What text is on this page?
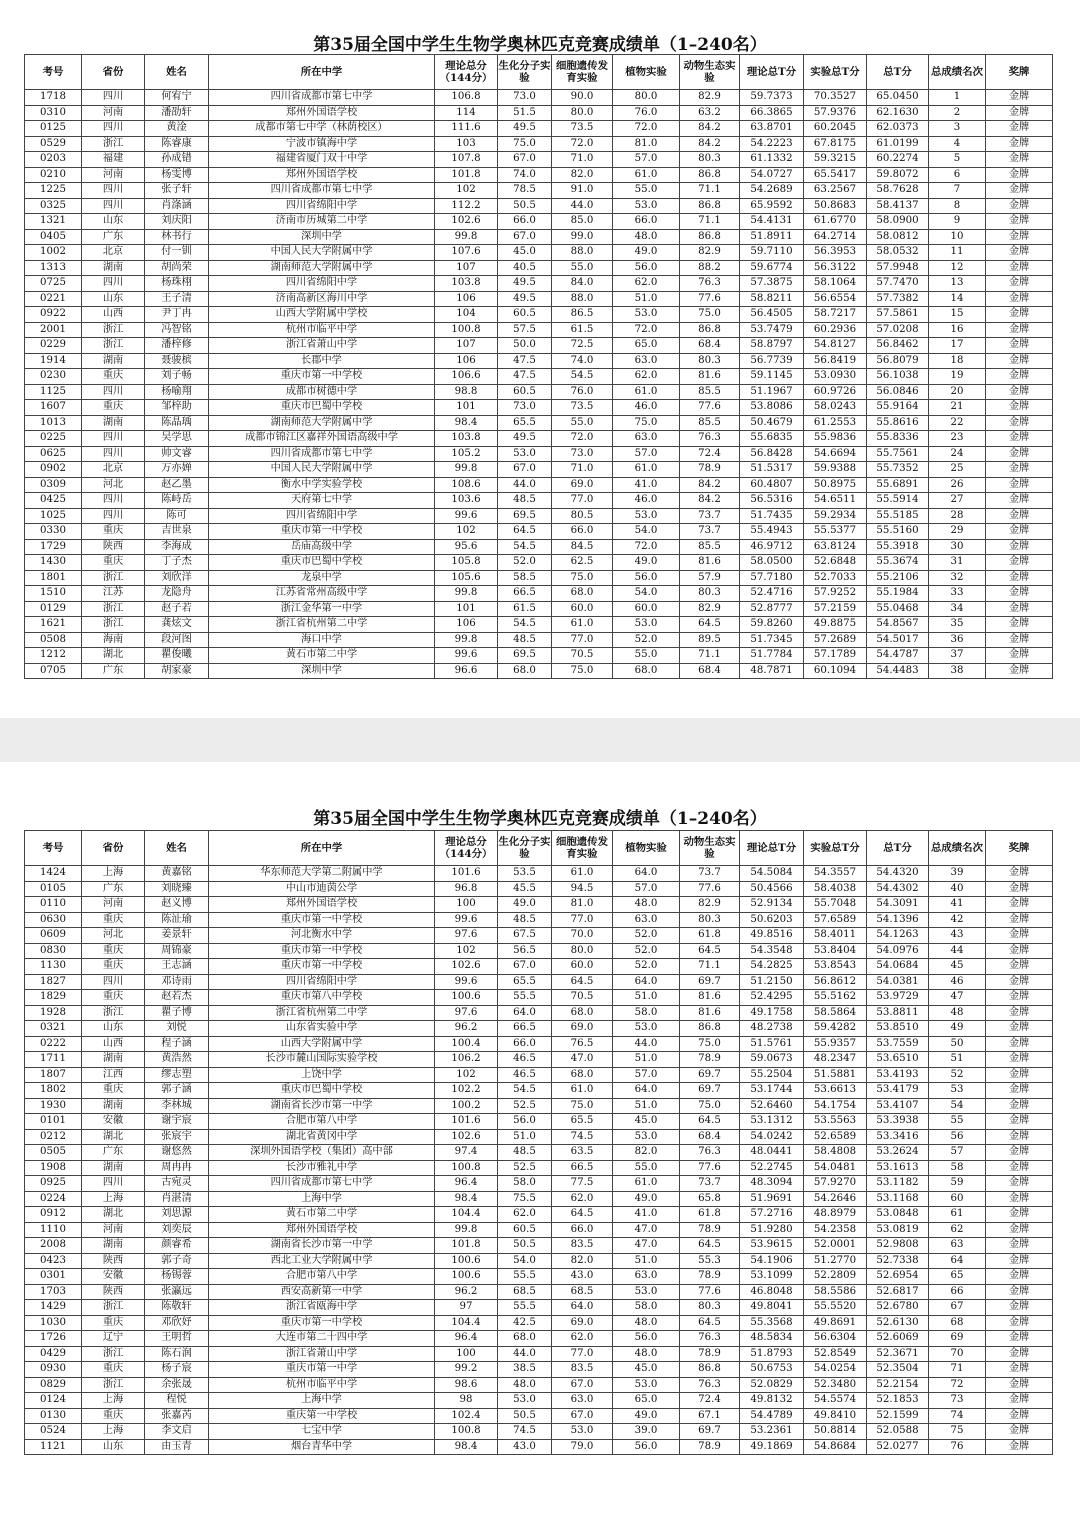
第35届全国中学生生物学奥林匹克竞赛成绩单（1–240名）
考号	省份	姓名	所在中学	理论总分（144分）	生化分子实验	细胞遗传发育实验	植物实验	动物生态实验	理论总T分	实验总T分	总T分	总成绩名次	奖牌
1718	四川	何宥宁	四川省成都市第七中学	106.8	73.0	90.0	80.0	82.9	59.7373	70.3527	65.0450	1	金牌
0310	河南	潘劭轩	郑州外国语学校	114	51.5	80.0	76.0	63.2	66.3865	57.9376	62.1630	2	金牌
0125	四川	黄淦	成都市第七中学（林荫校区）	111.6	49.5	73.5	72.0	84.2	63.8701	60.2045	62.0373	3	金牌
0529	浙江	陈睿康	宁波市镇海中学	103	75.0	72.0	81.0	84.2	54.2223	67.8175	61.0199	4	金牌
0203	福建	孙成错	福建省厦门双十中学	107.8	67.0	71.0	57.0	80.3	61.1332	59.3215	60.2274	5	金牌
0210	河南	杨雯博	郑州外国语学校	101.8	74.0	82.0	61.0	86.8	54.0727	65.5417	59.8072	6	金牌
1225	四川	张子轩	四川省成都市第七中学	102	78.5	91.0	55.0	71.1	54.2689	63.2567	58.7628	7	金牌
0325	四川	肖涤涵	四川省绵阳中学	112.2	50.5	44.0	53.0	86.8	65.9592	50.8683	58.4137	8	金牌
1321	山东	刘庆阳	济南市历城第二中学	102.6	66.0	85.0	66.0	71.1	54.4131	61.6770	58.0900	9	金牌
0405	广东	林书行	深圳中学	99.8	67.0	99.0	48.0	86.8	51.8911	64.2714	58.0812	10	金牌
1002	北京	付一钏	中国人民大学附属中学	107.6	45.0	88.0	49.0	82.9	59.7110	56.3953	58.0532	11	金牌
1313	湖南	胡尚荣	湖南师范大学附属中学	107	40.5	55.0	56.0	88.2	59.6774	56.3122	57.9948	12	金牌
0725	四川	杨珠栩	四川省绵阳中学	103.8	49.5	84.0	62.0	76.3	57.3875	58.1064	57.7470	13	金牌
0221	山东	王子清	济南高新区海川中学	106	49.5	88.0	51.0	77.6	58.8211	56.6554	57.7382	14	金牌
0922	山西	尹丁冉	山西大学附属中学校	104	60.5	86.5	53.0	75.0	56.4505	58.7217	57.5861	15	金牌
2001	浙江	冯智铭	杭州市临平中学	100.8	57.5	61.5	72.0	86.8	53.7479	60.2936	57.0208	16	金牌
0229	浙江	潘梓修	浙江省萧山中学	107	50.0	72.5	65.0	68.4	58.8797	54.8127	56.8462	17	金牌
1914	湖南	聂骏槟	长郡中学	106	47.5	74.0	63.0	80.3	56.7739	56.8419	56.8079	18	金牌
0230	重庆	刘子畅	重庆市第一中学校	106.6	47.5	54.5	62.0	81.6	59.1145	53.0930	56.1038	19	金牌
1125	四川	杨喻翔	成都市树德中学	98.8	60.5	76.0	61.0	85.5	51.1967	60.9726	56.0846	20	金牌
1607	重庆	邹梓助	重庆市巴蜀中学校	101	73.0	73.5	46.0	77.6	53.8086	58.0243	55.9164	21	金牌
1013	湖南	陈晶瑀	湖南师范大学附属中学	98.4	65.5	55.0	75.0	85.5	50.4679	61.2553	55.8616	22	金牌
0225	四川	吴学思	成都市锦江区嘉祥外国语高级中学	103.8	49.5	72.0	63.0	76.3	55.6835	55.9836	55.8336	23	金牌
0625	四川	帅文睿	四川省成都市第七中学	105.2	53.0	73.0	57.0	72.4	56.8428	54.6694	55.7561	24	金牌
0902	北京	万亦婵	中国人民大学附属中学	99.8	67.0	71.0	61.0	78.9	51.5317	59.9388	55.7352	25	金牌
0309	河北	赵乙墨	衡水中学实验学校	108.6	44.0	69.0	41.0	84.2	60.4807	50.8975	55.6891	26	金牌
0425	四川	陈峙岳	天府第七中学	103.6	48.5	77.0	46.0	84.2	56.5316	54.6511	55.5914	27	金牌
1025	四川	陈可	四川省绵阳中学	99.6	69.5	80.5	53.0	73.7	51.7435	59.2934	55.5185	28	金牌
0330	重庆	吉世泉	重庆市第一中学校	102	64.5	66.0	54.0	73.7	55.4943	55.5377	55.5160	29	金牌
1729	陕西	李海成	岳庙高级中学	95.6	54.5	84.5	72.0	85.5	46.9712	63.8124	55.3918	30	金牌
1430	重庆	丁子杰	重庆市巴蜀中学校	105.8	52.0	62.5	49.0	81.6	58.0500	52.6848	55.3674	31	金牌
1801	浙江	刘欣洋	龙泉中学	105.6	58.5	75.0	56.0	57.9	57.7180	52.7033	55.2106	32	金牌
1510	江苏	龙隐舟	江苏省常州高级中学	99.8	66.5	68.0	54.0	80.3	52.4716	57.9252	55.1984	33	金牌
0129	浙江	赵子若	浙江金华第一中学	101	61.5	60.0	60.0	82.9	52.8777	57.2159	55.0468	34	金牌
1621	浙江	龚炫文	浙江省杭州第二中学	106	54.5	61.0	53.0	64.5	59.8260	49.8875	54.8567	35	金牌
0508	海南	段河图	海口中学	99.8	48.5	77.0	52.0	89.5	51.7345	57.2689	54.5017	36	金牌
1212	湖北	瞿俊曦	黄石市第二中学	99.6	69.5	70.5	55.0	71.1	51.7784	57.1789	54.4787	37	金牌
0705	广东	胡家豪	深圳中学	96.6	68.0	75.0	68.0	68.4	48.7871	60.1094	54.4483	38	金牌
第35届全国中学生生物学奥林匹克竞赛成绩单（1–240名）
考号	省份	姓名	所在中学	理论总分（144分）	生化分子实验	细胞遗传发育实验	植物实验	动物生态实验	理论总T分	实验总T分	总T分	总成绩名次	奖牌
1424	上海	黄嘉铭	华东师范大学第二附属中学	101.6	53.5	61.0	64.0	73.7	54.5084	54.3557	54.4320	39	金牌
0105	广东	刘晓臻	中山市迪茵公学	96.8	45.5	94.5	57.0	77.6	50.4566	58.4038	54.4302	40	金牌
0110	河南	赵义博	郑州外国语学校	100	49.0	81.0	48.0	82.9	52.9134	55.7048	54.3091	41	金牌
0630	重庆	陈沚瑜	重庆市第一中学校	99.6	48.5	77.0	63.0	80.3	50.6203	57.6589	54.1396	42	金牌
0609	河北	姜景轩	河北衡水中学	97.6	67.5	70.0	52.0	61.8	49.8516	58.4011	54.1263	43	金牌
0830	重庆	周锦豪	重庆市第一中学校	102	56.5	80.0	52.0	64.5	54.3548	53.8404	54.0976	44	金牌
1130	重庆	王志涵	重庆市第一中学校	102.6	67.0	60.0	52.0	71.1	54.2825	53.8543	54.0684	45	金牌
1827	四川	邓诗雨	四川省绵阳中学	99.6	65.5	64.5	64.0	69.7	51.2150	56.8612	54.0381	46	金牌
1829	重庆	赵若杰	重庆市第八中学校	100.6	55.5	70.5	51.0	81.6	52.4295	55.5162	53.9729	47	金牌
1928	浙江	瞿子博	浙江省杭州第二中学	97.6	64.0	68.0	58.0	81.6	49.1758	58.5864	53.8811	48	金牌
0321	山东	刘悦	山东省实验中学	96.2	66.5	69.0	53.0	86.8	48.2738	59.4282	53.8510	49	金牌
0222	山西	程子涵	山西大学附属中学	100.4	66.0	76.5	44.0	75.0	51.5761	55.9357	53.7559	50	金牌
1711	湖南	黄浩然	长沙市麓山国际实验学校	106.2	46.5	47.0	51.0	78.9	59.0673	48.2347	53.6510	51	金牌
1807	江西	缪志塑	上饶中学	102	46.5	68.0	57.0	69.7	55.2504	51.5881	53.4193	52	金牌
1802	重庆	郭子涵	重庆市巴蜀中学校	102.2	54.5	61.0	64.0	69.7	53.1744	53.6613	53.4179	53	金牌
1930	湖南	李林城	湖南省长沙市第一中学	100.2	52.5	75.0	51.0	75.0	52.6460	54.1754	53.4107	54	金牌
0101	安徽	谢宇宸	合肥市第八中学	101.6	56.0	65.5	45.0	64.5	53.1312	53.5563	53.3938	55	金牌
0212	湖北	张宸宇	湖北省黄冈中学	102.6	51.0	74.5	53.0	68.4	54.0242	52.6589	53.3416	56	金牌
0505	广东	谢悠然	深圳外国语学校（集团）高中部	97.4	48.5	63.5	82.0	76.3	48.0441	58.4808	53.2624	57	金牌
1908	湖南	周冉冉	长沙市雅礼中学	100.8	52.5	66.5	55.0	77.6	52.2745	54.0481	53.1613	58	金牌
0925	四川	古宛灵	四川省成都市第七中学	96.4	58.0	77.5	61.0	73.7	48.3094	57.9270	53.1182	59	金牌
0224	上海	肖湛清	上海中学	98.4	75.5	62.0	49.0	65.8	51.9691	54.2646	53.1168	60	金牌
0912	湖北	刘思源	黄石市第二中学	104.4	62.0	64.5	41.0	61.8	57.2716	48.8979	53.0848	61	金牌
1110	河南	刘奕辰	郑州外国语学校	99.8	60.5	66.0	47.0	78.9	51.9280	54.2358	53.0819	62	金牌
2008	湖南	颜睿希	湖南省长沙市第一中学	101.8	50.5	83.5	47.0	64.5	53.9615	52.0001	52.9808	63	金牌
0423	陕西	郭子奇	西北工业大学附属中学	100.6	54.0	82.0	51.0	55.3	54.1906	51.2770	52.7338	64	金牌
0301	安徽	杨锡蓉	合肥市第八中学	100.6	55.5	43.0	63.0	78.9	53.1099	52.2809	52.6954	65	金牌
1703	陕西	张瀛远	西安高新第一中学	96.2	68.5	68.5	53.0	77.6	46.8048	58.5586	52.6817	66	金牌
1429	浙江	陈敬轩	浙江省瓯海中学	97	55.5	64.0	58.0	80.3	49.8041	55.5520	52.6780	67	金牌
1030	重庆	邓欣妤	重庆市第一中学校	104.4	42.5	69.0	48.0	64.5	55.3568	49.8691	52.6130	68	金牌
1726	辽宁	王明哲	大连市第二十四中学	96.4	68.0	62.0	56.0	76.3	48.5834	56.6304	52.6069	69	金牌
0429	浙江	陈石润	浙江省萧山中学	100	44.0	77.0	48.0	78.9	51.8793	52.8549	52.3671	70	金牌
0930	重庆	杨子宸	重庆市第一中学	99.2	38.5	83.5	45.0	86.8	50.6753	54.0254	52.3504	71	金牌
0829	浙江	余张晟	杭州市临平中学	98.6	48.0	67.0	53.0	76.3	52.0829	52.3480	52.2154	72	金牌
0124	上海	程悦	上海中学	98	53.0	63.0	65.0	72.4	49.8132	54.5574	52.1853	73	金牌
0130	重庆	张嘉芮	重庆第一中学校	102.4	50.5	67.0	49.0	67.1	54.4789	49.8410	52.1599	74	金牌
0524	上海	李文启	七宝中学	100.8	74.5	53.0	39.0	69.7	53.2361	50.8814	52.0588	75	金牌
1121	山东	由玉青	烟台青华中学	98.4	43.0	79.0	56.0	78.9	49.1869	54.8684	52.0277	76	金牌
